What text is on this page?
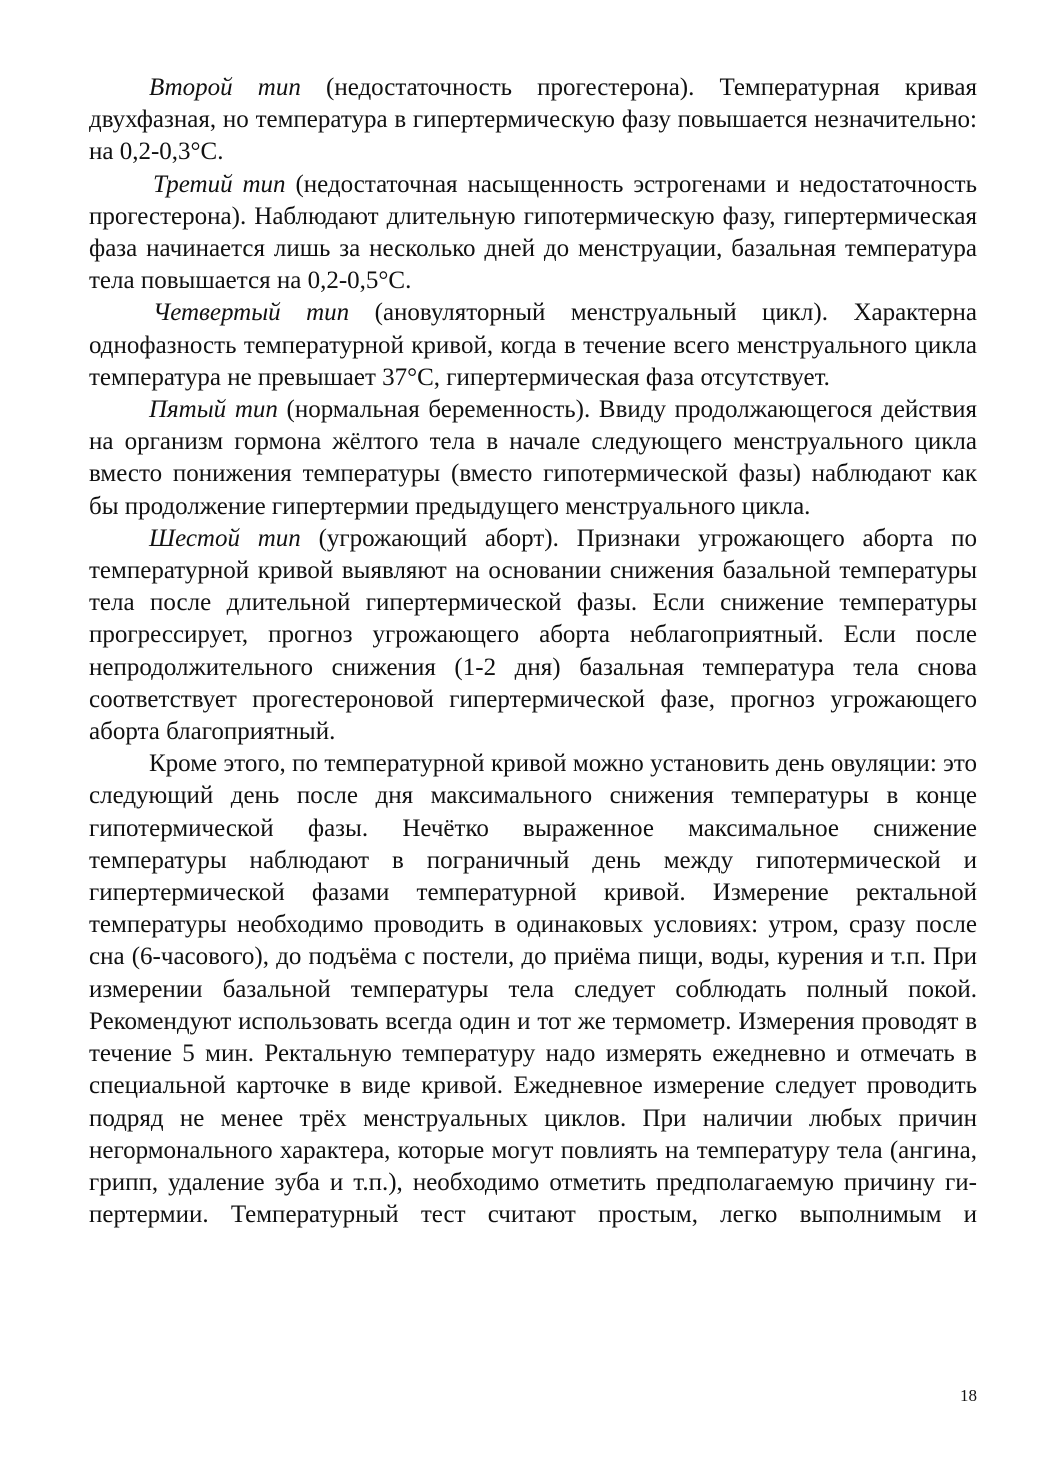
Второй тип (недостаточность прогестерона). Температурная кривая двухфазная, но температура в гипертермическую фазу повышается незначительно: на 0,2-0,3°С.

Третий тип (недостаточная насыщенность эстрогенами и недостаточность прогестерона). Наблюдают длительную гипотермическую фазу, гипертермическая фаза начинается лишь за несколько дней до менструации, базальная температура тела повышается на 0,2-0,5°С.

Четвертый тип (ановуляторный менструальный цикл). Характерна однофазность температурной кривой, когда в течение всего менструального цикла температура не превышает 37°С, гипертермическая фаза отсутствует.

Пятый тип (нормальная беременность). Ввиду продолжающегося действия на организм гормона жёлтого тела в начале следующего менструального цикла вместо понижения температуры (вместо гипотермической фазы) наблюдают как бы продолжение гипертермии предыдущего менструального цикла.

Шестой тип (угрожающий аборт). Признаки угрожающего аборта по температурной кривой выявляют на основании снижения базальной температуры тела после длительной гипертермической фазы. Если снижение температуры прогрессирует, прогноз угрожающего аборта неблагоприятный. Если после непродолжительного снижения (1-2 дня) базальная температура тела снова соответствует прогестероновой гипертермической фазе, прогноз угрожающего аборта благоприятный.

Кроме этого, по температурной кривой можно установить день овуляции: это следующий день после дня максимального снижения температуры в конце гипотермической фазы. Нечётко выраженное максимальное снижение температуры наблюдают в пограничный день между гипотермической и гипертермической фазами температурной кривой. Измерение ректальной температуры необходимо проводить в одинаковых условиях: утром, сразу после сна (6-часового), до подъёма с постели, до приёма пищи, воды, курения и т.п. При измерении базальной температуры тела следует соблюдать полный покой. Рекомендуют использовать всегда один и тот же термометр. Измерения проводят в течение 5 мин. Ректальную температуру надо измерять ежедневно и отмечать в специальной карточке в виде кривой. Ежедневное измерение следует проводить подряд не менее трёх менструальных циклов. При наличии любых причин негормонального характера, которые могут повлиять на температуру тела (ангина, грипп, удаление зуба и т.п.), необходимо отметить предполагаемую причину гипертермии. Температурный тест считают простым, легко выполнимым и

18
